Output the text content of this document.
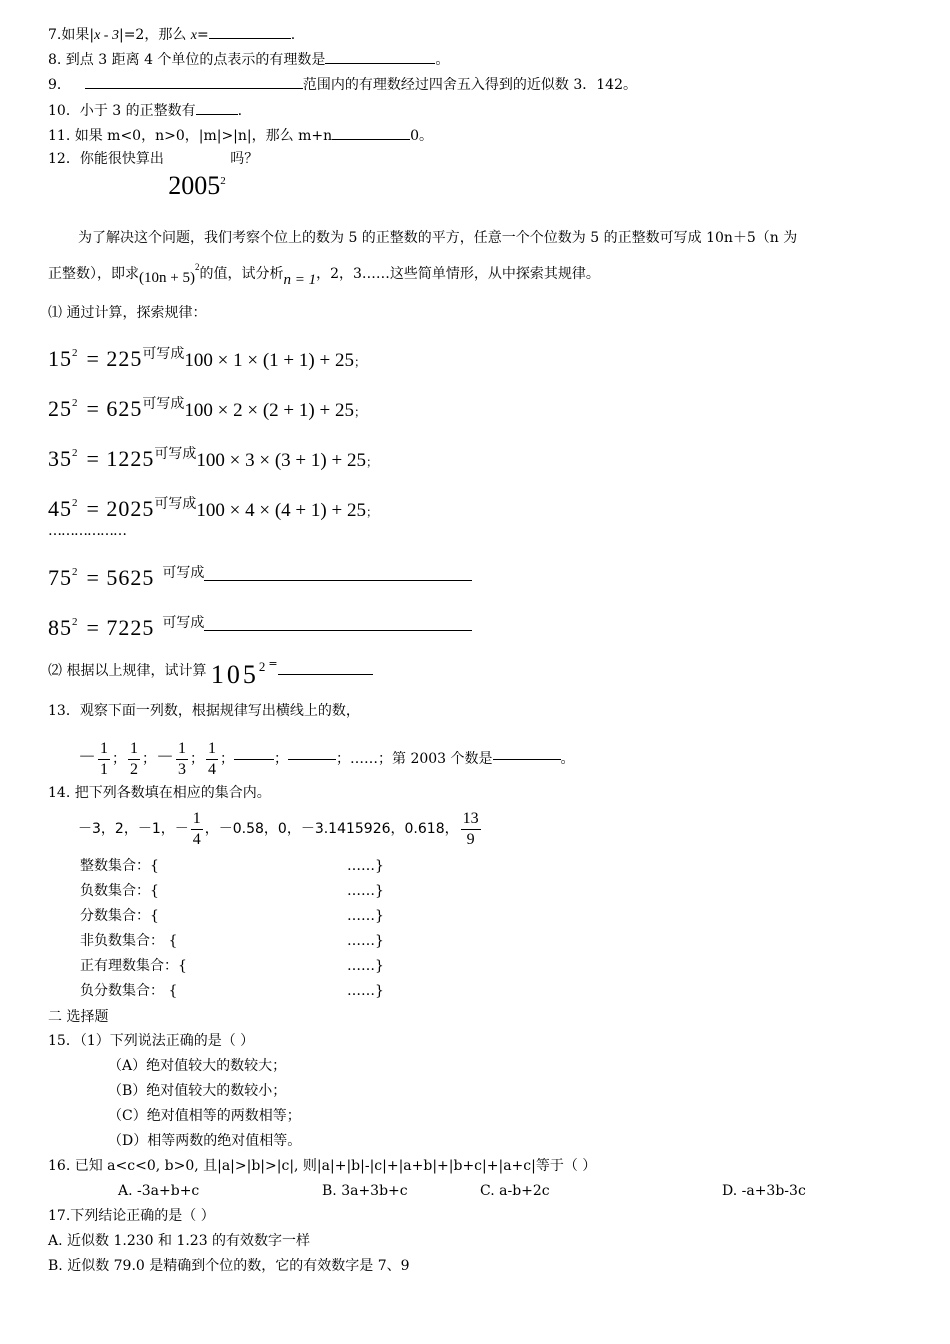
7.如果|x - 3|=2，那么 x=	.
8. 到点 3 距离 4 个单位的点表示的有理数是	。
9．	范围内的有理数经过四舍五入得到的近似数 3．142。
10．小于 3 的正整数有	.
11. 如果 m<0，n>0，|m|>|n|，那么 m+n	0。
12．你能很快算出 2005$^2$ 吗？
为了解决这个问题，我们考察个位上的数为 5 的正整数的平方，任意一个个位数为 5 的正整数可写成 10n＋5（n 为
正整数），即求$(10n + 5)^2$的值，试分析n = 1，2，3……这些简单情形，从中探索其规律。
⑴ 通过计算，探索规律：
$15^2 = 225$可写成100 × 1 × (1 + 1) + 25；
$25^2 = 625$可写成100 × 2 × (2 + 1) + 25；
$35^2 = 1225$可写成100 × 3 × (3 + 1) + 25；
$45^2 = 2025$可写成100 × 4 × (4 + 1) + 25；
………………
$75^2 = 5625$ 可写成
$85^2 = 7225$ 可写成
⑵ 根据以上规律，试计算 $105^{2=}$
13．观察下面一列数，根据规律写出横线上的数，
－ $\frac{1}{1}$ ； $\frac{1}{2}$ ；－ $\frac{1}{3}$ ； $\frac{1}{4}$ ；	；	；……；第 2003 个数是	。
14. 把下列各数填在相应的集合内。
－3，2，－1，－ $\frac{1}{4}$ ，－0.58，0，－3.1415926，0.618， $\frac{13}{9}$
整数集合：{	……}
负数集合：{	……}
分数集合：{	……}
非负数集合： {	……}
正有理数集合：{	……}
负分数集合： {	……}
二 选择题
15．（1）下列说法正确的是（ ）
（A）绝对值较大的数较大；
（B）绝对值较大的数较小；
（C）绝对值相等的两数相等；
（D）相等两数的绝对值相等。
16. 已知 a<c<0, b>0, 且|a|>|b|>|c|, 则|a|+|b|-|c|+|a+b|+|b+c|+|a+c|等于（ ）
A. -3a+b+c	B. 3a+3b+c	C. a-b+2c	D. -a+3b-3c
17.下列结论正确的是（ ）
A. 近似数 1.230 和 1.23 的有效数字一样
B. 近似数 79.0 是精确到个位的数，它的有效数字是 7、9
